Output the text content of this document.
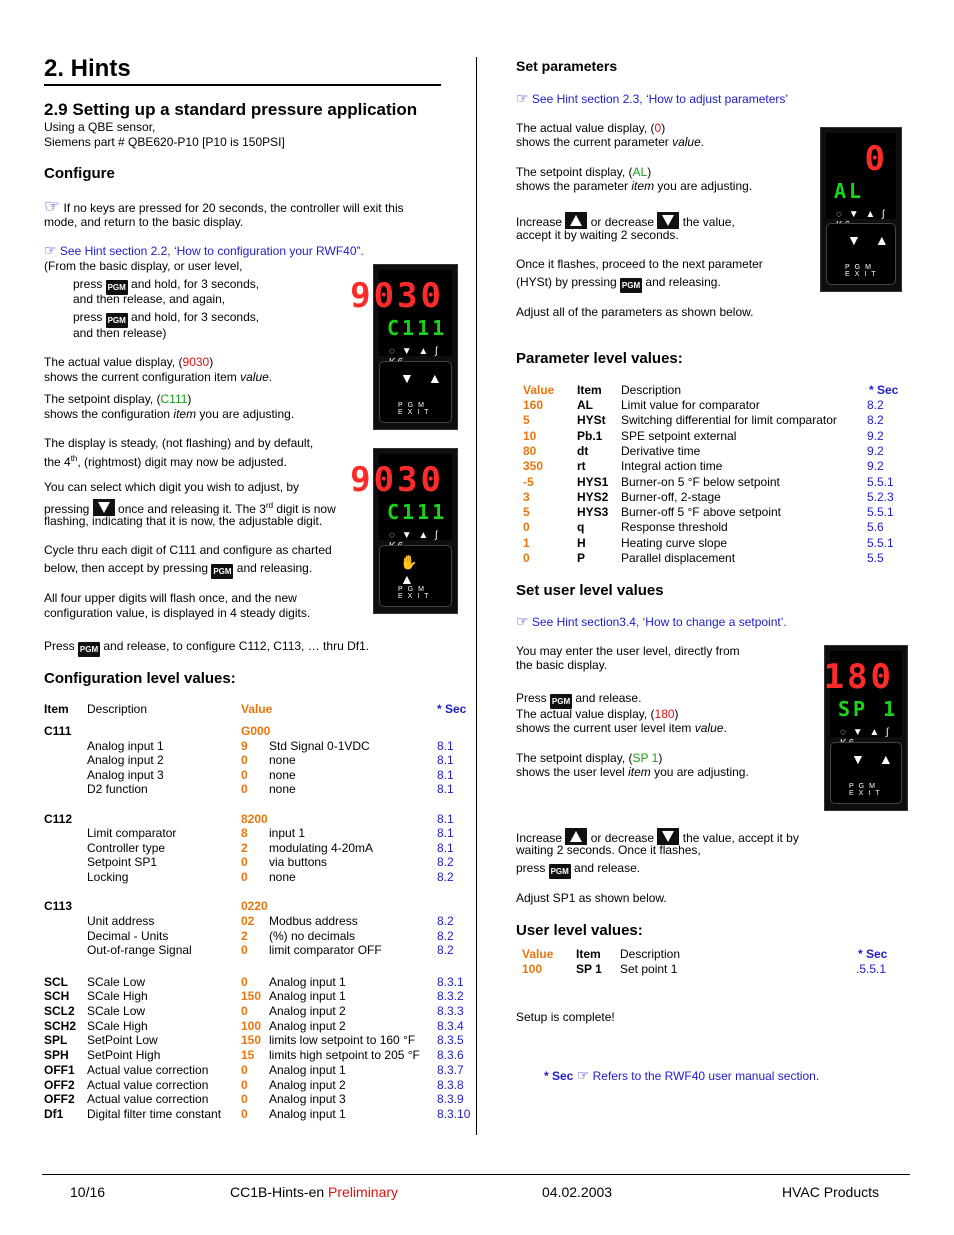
2. Hints
2.9 Setting up a standard pressure application
Using a QBE sensor,
Siemens part # QBE620-P10 [P10 is 150PSI]
Configure
☞ If no keys are pressed for 20 seconds, the controller will exit this
mode, and return to the basic display.
☞ See Hint section 2.2, ‘How to configuration your RWF40”.
(From the basic display, or user level,
press PGM and hold, for 3 seconds,
and then release, and again,
press PGM and hold, for 3 seconds,
and then release)
The actual value display, (9030)
shows the current configuration item value.
The setpoint display, (C111)
shows the configuration item you are adjusting.
The display is steady, (not flashing) and by default,
the 4th, (rightmost) digit may now be adjusted.
You can select which digit you wish to adjust, by
pressing once and releasing it. The 3rd digit is now
flashing, indicating that it is now, the adjustable digit.
Cycle thru each digit of C111 and configure as charted
below, then accept by pressing PGM and releasing.
All four upper digits will flash once, and the new
configuration value, is displayed in 4 steady digits.
Press PGM and release, to configure C112, C113, … thru Df1.
Configuration level values:
Item Description	Value	* Sec
C111	G000
Analog input 1	9 Std Signal 0-1VDC	8.1
Analog input 2	0 none	8.1
Analog input 3	0 none	8.1
D2 function	0 none	8.1
C112	8200	8.1
Limit comparator	8 input 1	8.1
Controller type	2 modulating 4-20mA	8.1
Setpoint SP1	0 via buttons	8.2
Locking	0 none	8.2
C113	0220
Unit address	02 Modbus address	8.2
Decimal - Units	2 (%) no decimals	8.2
Out-of-range Signal	0 limit comparator OFF	8.2
SCL SCale Low	0 Analog input 1	8.3.1
SCH SCale High	150 Analog input 1	8.3.2
SCL2 SCale Low	0 Analog input 2	8.3.3
SCH2 SCale High	100 Analog input 2	8.3.4
SPL SetPoint Low	150 limits low setpoint to 160 °F 8.3.5
SPH SetPoint High	15 limits high setpoint to 205 °F 8.3.6
OFF1 Actual value correction	0 Analog input 1	8.3.7
OFF2 Actual value correction	0 Analog input 2	8.3.8
OFF2 Actual value correction	0 Analog input 3	8.3.9
Df1 Digital filter time constant 0 Analog input 1	8.3.10
Set parameters
☞ See Hint section 2.3, ‘How to adjust parameters’
The actual value display, (0)
shows the current parameter value.
The setpoint display, (AL)
shows the parameter item you are adjusting.
Increase or decrease the value,
accept it by waiting 2 seconds.
Once it flashes, proceed to the next parameter
(HYSt) by pressing PGM and releasing.
Adjust all of the parameters as shown below.
Parameter level values:
Value Item Description	* Sec
160	AL Limit value for comparator	8.2
5	HYSt Switching differential for limit comparator	8.2
10	Pb.1 SPE setpoint external	9.2
80	dt	Derivative time	9.2
350	rt	Integral action time	9.2
-5	HYS1 Burner-on 5 °F below setpoint	5.5.1
3	HYS2 Burner-off, 2-stage	5.2.3
5	HYS3 Burner-off 5 °F above setpoint	5.5.1
0	q	Response threshold	5.6
1	H	Heating curve slope	5.5.1
0	P	Parallel displacement	5.5
Set user level values
☞ See Hint section3.4, ‘How to change a setpoint’.
You may enter the user level, directly from
the basic display.
Press PGM and release.
The actual value display, (180)
shows the current user level item value.
The setpoint display, (SP 1)
shows the user level item you are adjusting.
Increase or decrease the value, accept it by
waiting 2 seconds. Once it flashes,
press PGM and release.
Adjust SP1 as shown below.
User level values:
Value Item Description	* Sec
100	SP 1 Set point 1	.5.5.1
Setup is complete!
* Sec ☞ Refers to the RWF40 user manual section.
9030
C111
◌ ▼ ▲ ʃ
▼▲
PGM EXIT
9030
C111
◌ ▼ ▲ ʃ
✋▲
PGM EXIT
0
AL
◌ ▼ ▲ ʃ
▼▲
PGM EXIT
180
SP 1
◌ ▼ ▲ ʃ
▼▲
PGM EXIT
10/16	CC1B-Hints-en Preliminary	04.02.2003	HVAC Products
